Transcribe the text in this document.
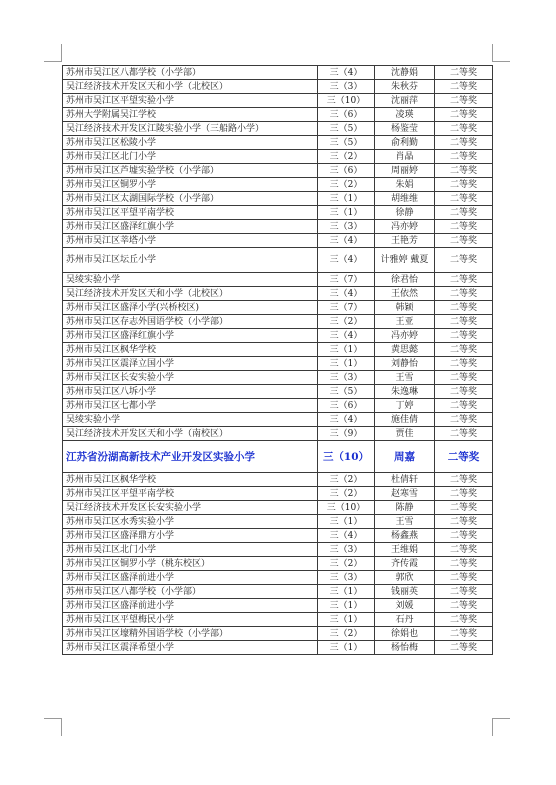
苏州市吴江区八都学校（小学部）	三（4）	沈静娟	二等奖
吴江经济技术开发区天和小学（北校区）	三（3）	朱秋芬	二等奖
苏州市吴江区平望实验小学	三（10）	沈丽萍	二等奖
苏州大学附属吴江学校	三（6）	凌瑛	二等奖
吴江经济技术开发区江陵实验小学（三船路小学）	三（5）	杨鉴莹	二等奖
苏州市吴江区松陵小学	三（5）	俞利勤	二等奖
苏州市吴江区北门小学	三（2）	肖晶	二等奖
苏州市吴江区芦墟实验学校（小学部）	三（6）	周丽婷	二等奖
苏州市吴江区铜罗小学	三（2）	朱娟	二等奖
苏州市吴江区太湖国际学校（小学部）	三（1）	胡维维	二等奖
苏州市吴江区平望平南学校	三（1）	徐静	二等奖
苏州市吴江区盛泽红旗小学	三（3）	冯亦婷	二等奖
苏州市吴江区莘塔小学	三（4）	王艳芳	二等奖
苏州市吴江区坛丘小学	三（4）	计雅婷 戴夏	二等奖
吴绫实验小学	三（7）	徐君怡	二等奖
吴江经济技术开发区天和小学（北校区）	三（4）	王依然	二等奖
苏州市吴江区盛泽小学(兴桥校区)	三（7）	韩颖	二等奖
苏州市吴江区存志外国语学校（小学部）	三（2）	王亚	二等奖
苏州市吴江区盛泽红旗小学	三（4）	冯亦婷	二等奖
苏州市吴江区枫华学校	三（1）	黄思懿	二等奖
苏州市吴江区震泽立国小学	三（1）	刘静怡	二等奖
苏州市吴江区长安实验小学	三（3）	王雪	二等奖
苏州市吴江区八坼小学	三（5）	朱逸琳	二等奖
苏州市吴江区七都小学	三（6）	丁婷	二等奖
吴绫实验小学	三（4）	施佳倩	二等奖
吴江经济技术开发区天和小学（南校区）	三（9）	贾佳	二等奖
江苏省汾湖高新技术产业开发区实验小学	三（10）	周嘉	二等奖
苏州市吴江区枫华学校	三（2）	杜倩轩	二等奖
苏州市吴江区平望平南学校	三（2）	赵寒雪	二等奖
吴江经济技术开发区长安实验小学	三（10）	陈静	二等奖
苏州市吴江区水秀实验小学	三（1）	王雪	二等奖
苏州市吴江区盛泽鼎方小学	三（4）	杨鑫燕	二等奖
苏州市吴江区北门小学	三（3）	王维娟	二等奖
苏州市吴江区铜罗小学（桃东校区）	三（2）	齐传霞	二等奖
苏州市吴江区盛泽前进小学	三（3）	郭欣	二等奖
苏州市吴江区八都学校（小学部）	三（1）	钱丽英	二等奖
苏州市吴江区盛泽前进小学	三（1）	刘媛	二等奖
苏州市吴江区平望梅民小学	三（1）	石丹	二等奖
苏州市吴江区壕精外国语学校（小学部）	三（2）	徐娟也	二等奖
苏州市吴江区震泽希望小学	三（1）	杨怡梅	二等奖
